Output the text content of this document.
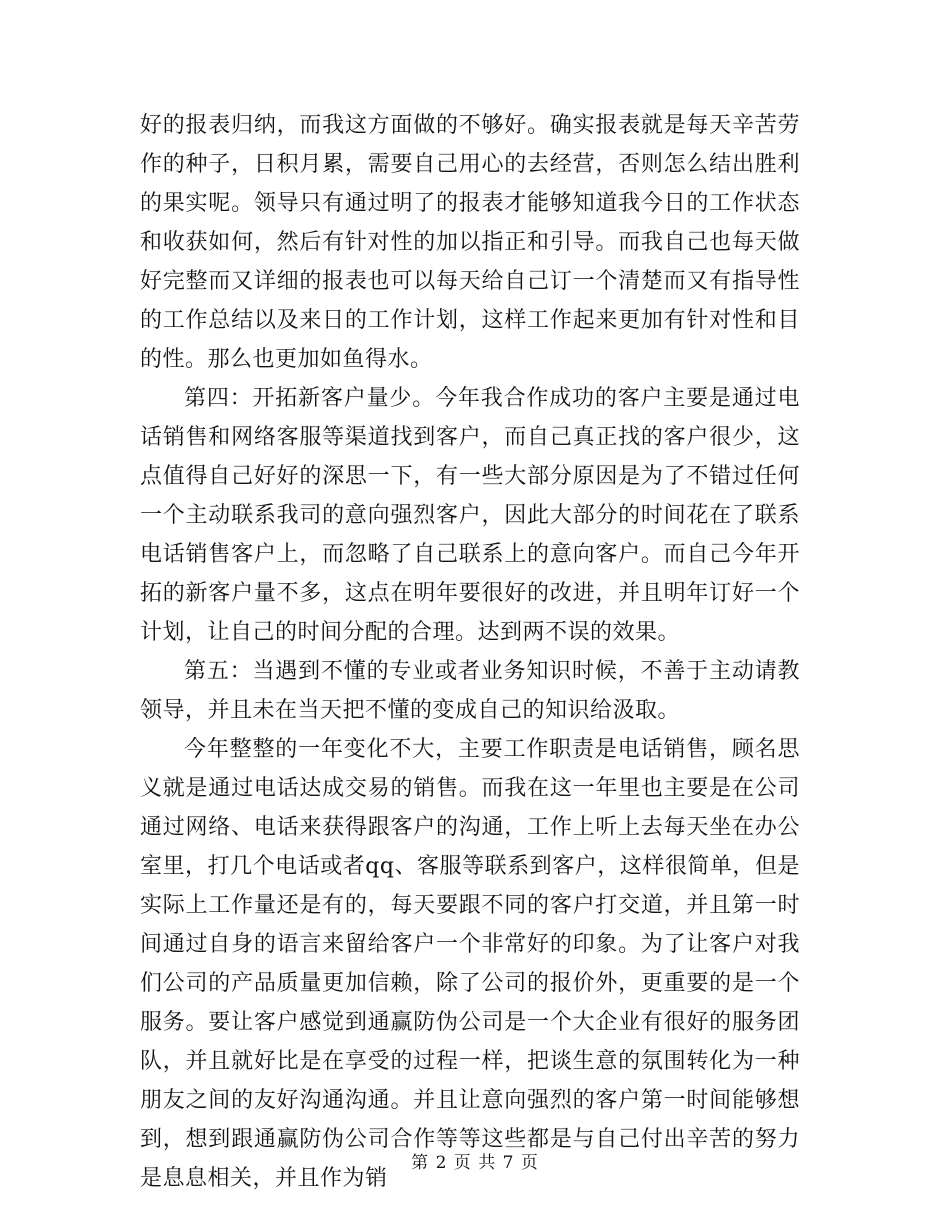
好的报表归纳，而我这方面做的不够好。确实报表就是每天辛苦劳作的种子，日积月累，需要自己用心的去经营，否则怎么结出胜利的果实呢。领导只有通过明了的报表才能够知道我今日的工作状态和收获如何，然后有针对性的加以指正和引导。而我自己也每天做好完整而又详细的报表也可以每天给自己订一个清楚而又有指导性的工作总结以及来日的工作计划，这样工作起来更加有针对性和目的性。那么也更加如鱼得水。

第四：开拓新客户量少。今年我合作成功的客户主要是通过电话销售和网络客服等渠道找到客户，而自己真正找的客户很少，这点值得自己好好的深思一下，有一些大部分原因是为了不错过任何一个主动联系我司的意向强烈客户，因此大部分的时间花在了联系电话销售客户上，而忽略了自己联系上的意向客户。而自己今年开拓的新客户量不多，这点在明年要很好的改进，并且明年订好一个计划，让自己的时间分配的合理。达到两不误的效果。

第五：当遇到不懂的专业或者业务知识时候，不善于主动请教领导，并且未在当天把不懂的变成自己的知识给汲取。

今年整整的一年变化不大，主要工作职责是电话销售，顾名思义就是通过电话达成交易的销售。而我在这一年里也主要是在公司通过网络、电话来获得跟客户的沟通，工作上听上去每天坐在办公室里，打几个电话或者qq、客服等联系到客户，这样很简单，但是实际上工作量还是有的，每天要跟不同的客户打交道，并且第一时间通过自身的语言来留给客户一个非常好的印象。为了让客户对我们公司的产品质量更加信赖，除了公司的报价外，更重要的是一个服务。要让客户感觉到通赢防伪公司是一个大企业有很好的服务团队，并且就好比是在享受的过程一样，把谈生意的氛围转化为一种朋友之间的友好沟通沟通。并且让意向强烈的客户第一时间能够想到，想到跟通赢防伪公司合作等等这些都是与自己付出辛苦的努力是息息相关，并且作为销

第 2 页 共 7 页
